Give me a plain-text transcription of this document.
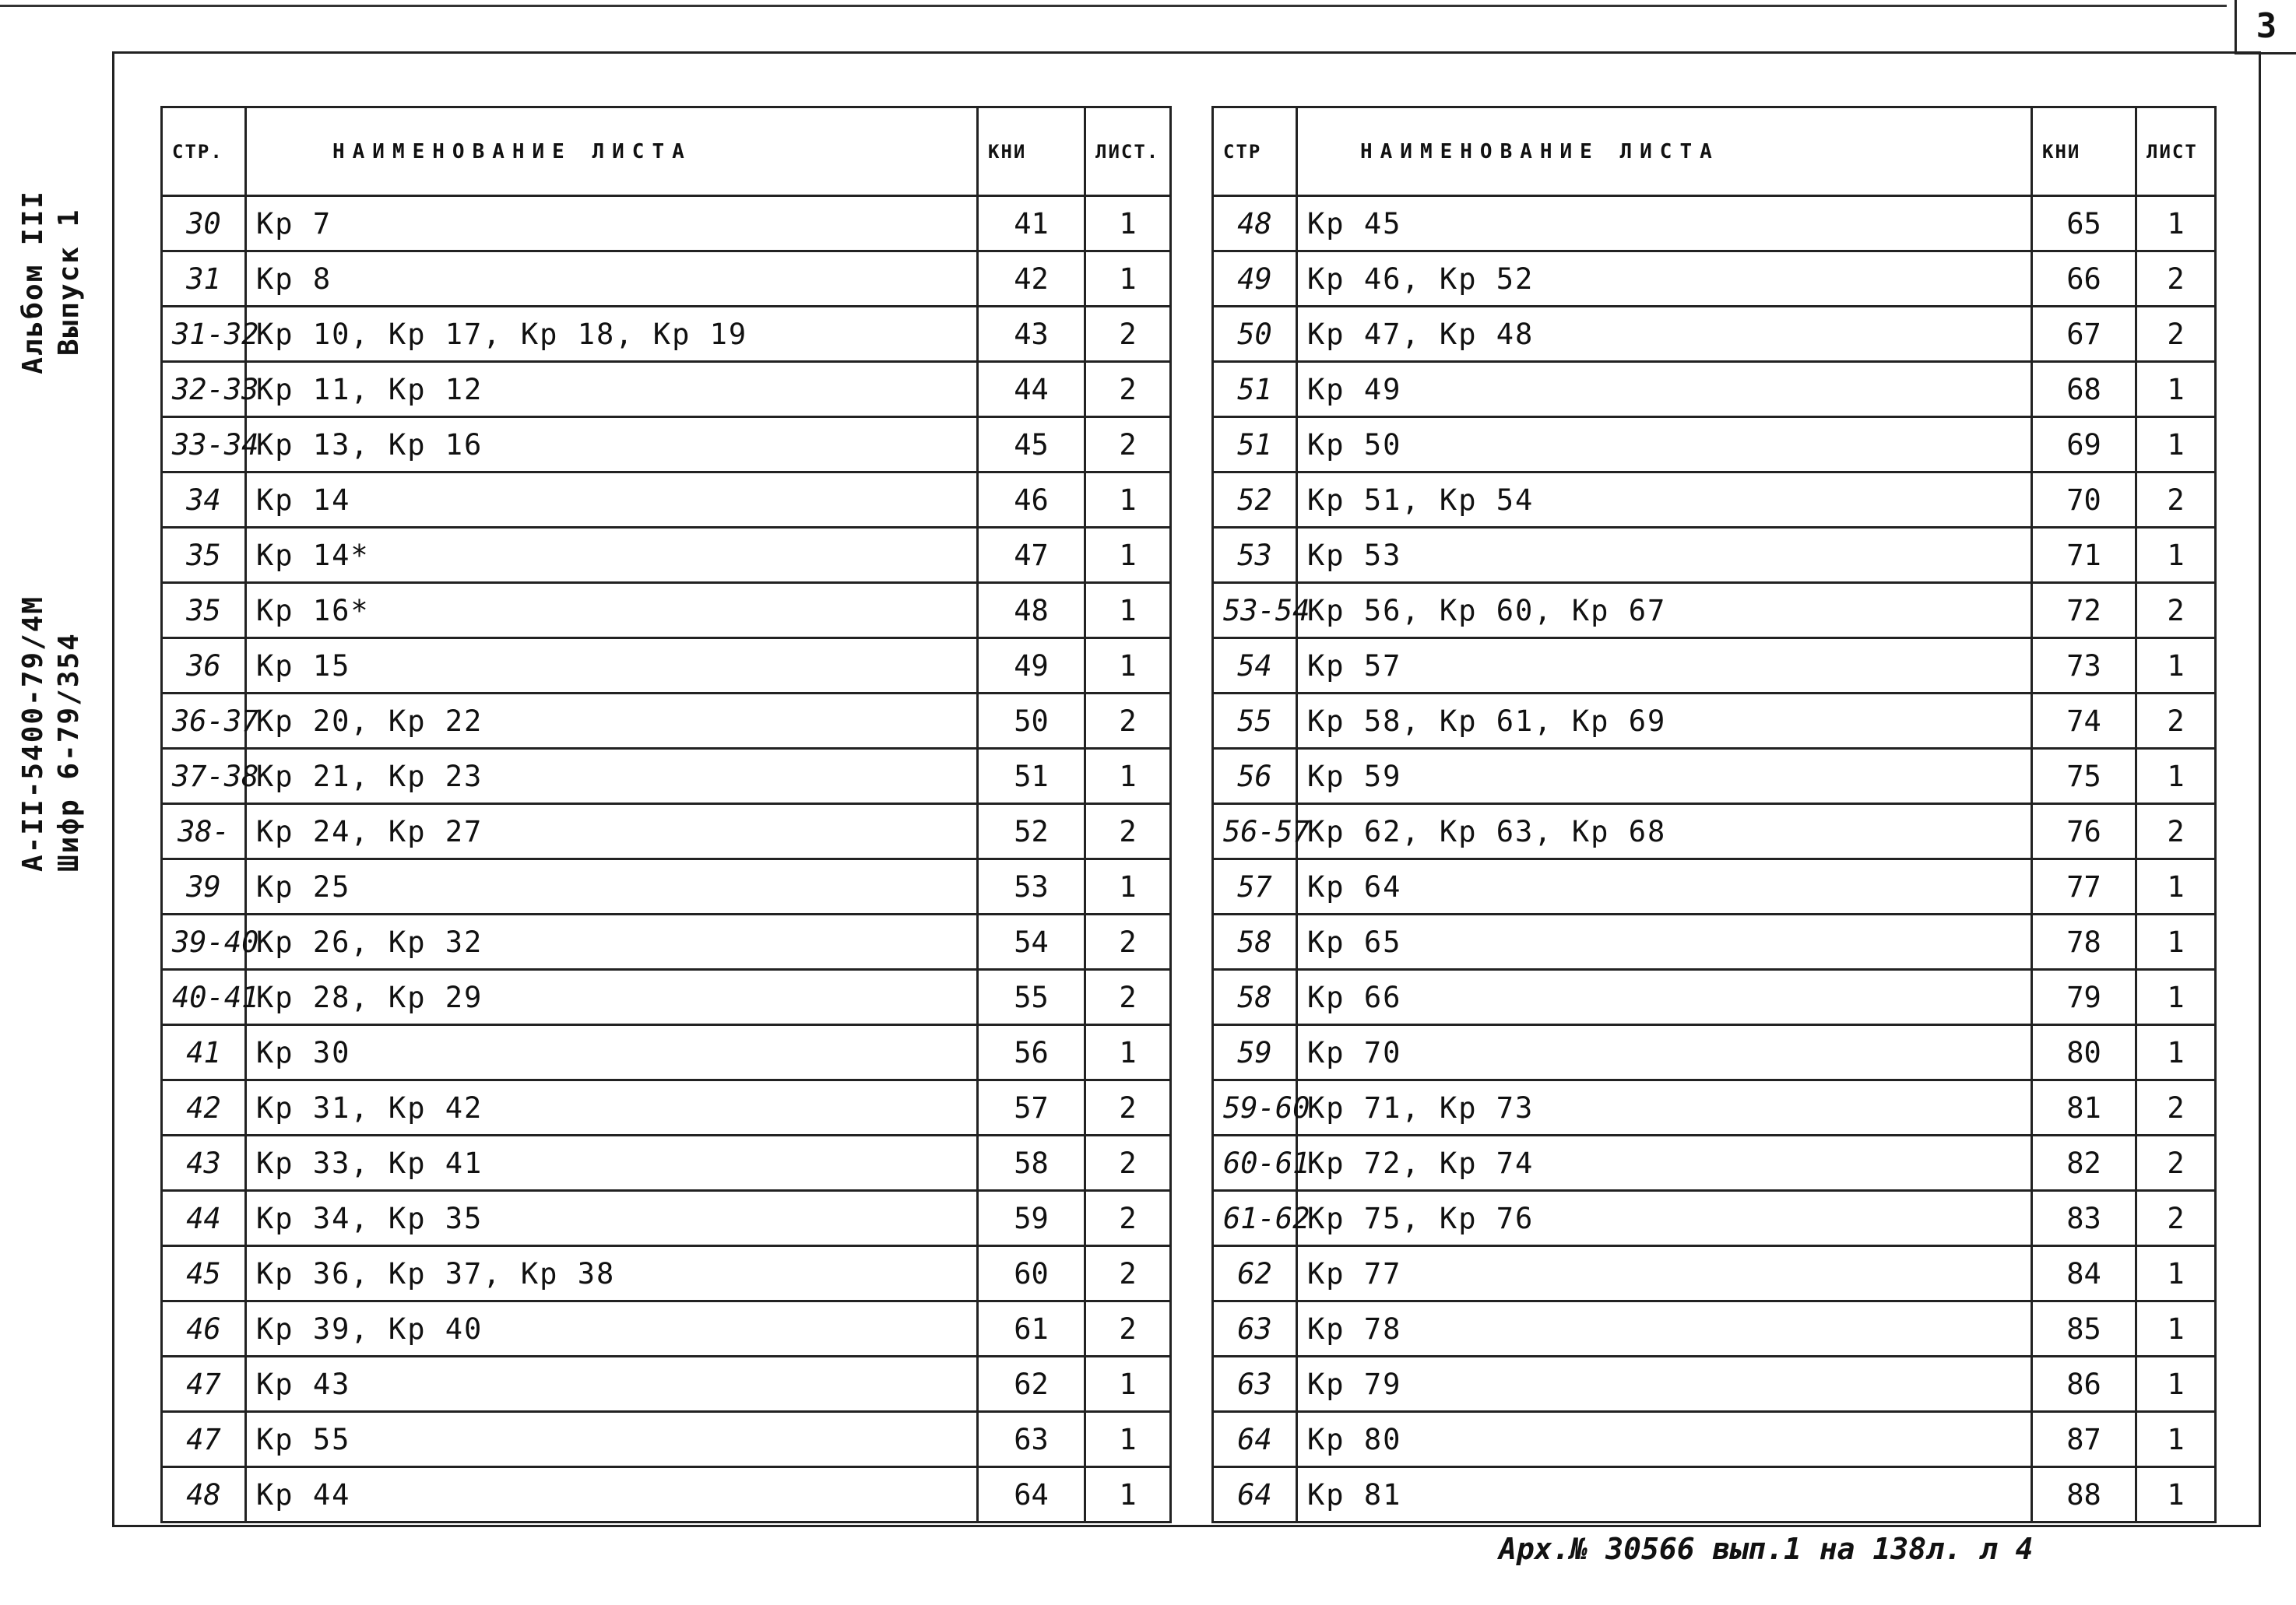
3
А-II-5400-79/4М            Альбом III
Шифр 6-79/354               Выпуск 1
СТР.	НАИМЕНОВАНИЕ ЛИСТА	КНИ	ЛИСТ.
30	Кр 7	41	1
31	Кр 8	42	1
31-32	Кр 10, Кр 17, Кр 18, Кр 19	43	2
32-33	Кр 11, Кр 12	44	2
33-34	Кр 13, Кр 16	45	2
34	Кр 14	46	1
35	Кр 14*	47	1
35	Кр 16*	48	1
36	Кр 15	49	1
36-37	Кр 20, Кр 22	50	2
37-38	Кр 21, Кр 23	51	1
38-	Кр 24, Кр 27	52	2
39	Кр 25	53	1
39-40	Кр 26, Кр 32	54	2
40-41	Кр 28, Кр 29	55	2
41	Кр 30	56	1
42	Кр 31, Кр 42	57	2
43	Кр 33, Кр 41	58	2
44	Кр 34, Кр 35	59	2
45	Кр 36, Кр 37, Кр 38	60	2
46	Кр 39, Кр 40	61	2
47	Кр 43	62	1
47	Кр 55	63	1
48	Кр 44	64	1
СТР	НАИМЕНОВАНИЕ ЛИСТА	КНИ	ЛИСТ
48	Кр 45	65	1
49	Кр 46, Кр 52	66	2
50	Кр 47, Кр 48	67	2
51	Кр 49	68	1
51	Кр 50	69	1
52	Кр 51, Кр 54	70	2
53	Кр 53	71	1
53-54	Кр 56, Кр 60, Кр 67	72	2
54	Кр 57	73	1
55	Кр 58, Кр 61, Кр 69	74	2
56	Кр 59	75	1
56-57	Кр 62, Кр 63, Кр 68	76	2
57	Кр 64	77	1
58	Кр 65	78	1
58	Кр 66	79	1
59	Кр 70	80	1
59-60	Кр 71, Кр 73	81	2
60-61	Кр 72, Кр 74	82	2
61-62	Кр 75, Кр 76	83	2
62	Кр 77	84	1
63	Кр 78	85	1
63	Кр 79	86	1
64	Кр 80	87	1
64	Кр 81	88	1
Арх.№ 30566 вып.1 на 138л. л 4
